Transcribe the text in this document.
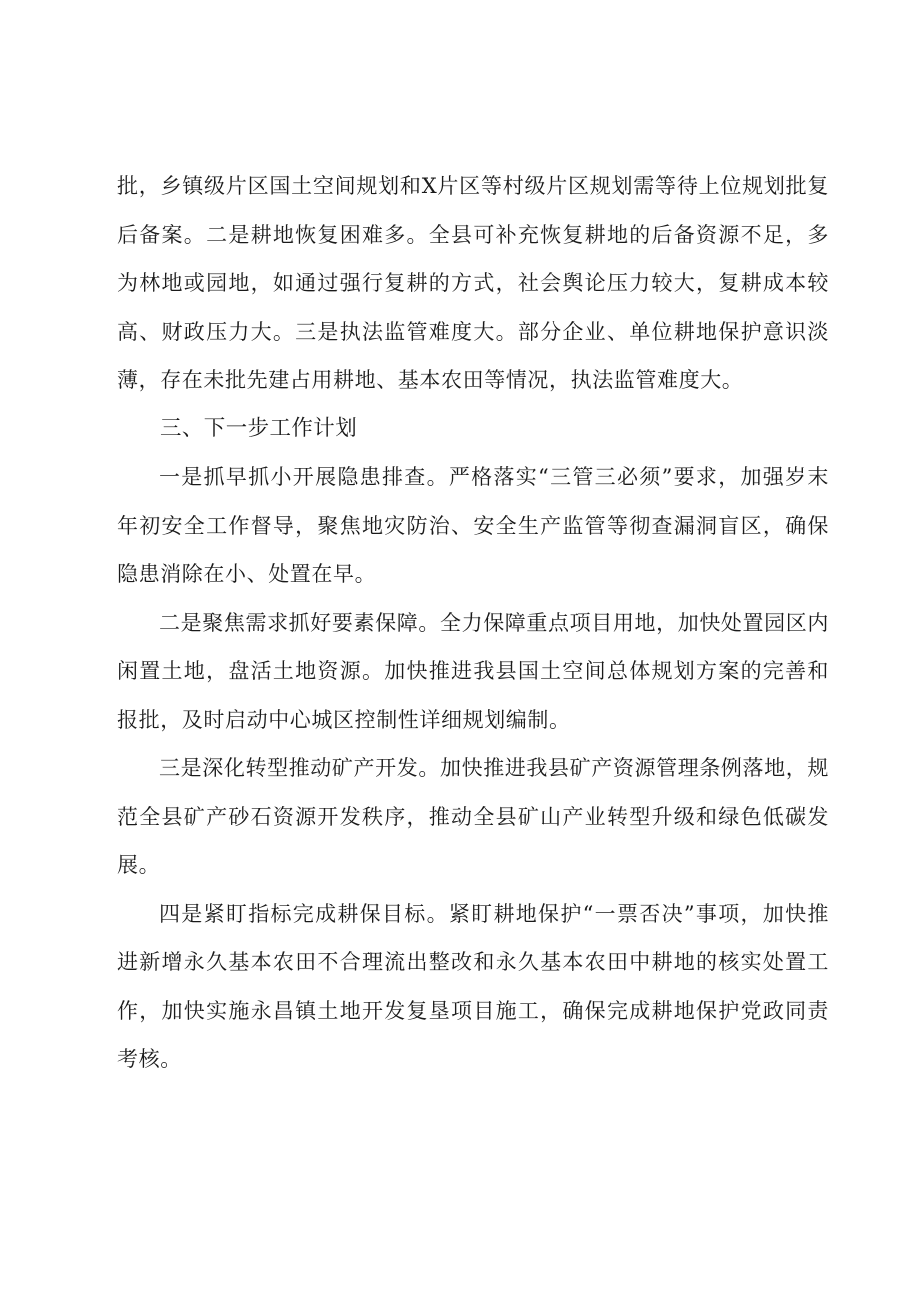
批，乡镇级片区国土空间规划和X片区等村级片区规划需等待上位规划批复后备案。二是耕地恢复困难多。全县可补充恢复耕地的后备资源不足，多为林地或园地，如通过强行复耕的方式，社会舆论压力较大，复耕成本较高、财政压力大。三是执法监管难度大。部分企业、单位耕地保护意识淡薄，存在未批先建占用耕地、基本农田等情况，执法监管难度大。

三、下一步工作计划

一是抓早抓小开展隐患排查。严格落实“三管三必须”要求，加强岁末年初安全工作督导，聚焦地灾防治、安全生产监管等彻查漏洞盲区，确保隐患消除在小、处置在早。

二是聚焦需求抓好要素保障。全力保障重点项目用地，加快处置园区内闲置土地，盘活土地资源。加快推进我县国土空间总体规划方案的完善和报批，及时启动中心城区控制性详细规划编制。

三是深化转型推动矿产开发。加快推进我县矿产资源管理条例落地，规范全县矿产砂石资源开发秩序，推动全县矿山产业转型升级和绿色低碳发展。

四是紧盯指标完成耕保目标。紧盯耕地保护“一票否决”事项，加快推进新增永久基本农田不合理流出整改和永久基本农田中耕地的核实处置工作，加快实施永昌镇土地开发复垦项目施工，确保完成耕地保护党政同责考核。
